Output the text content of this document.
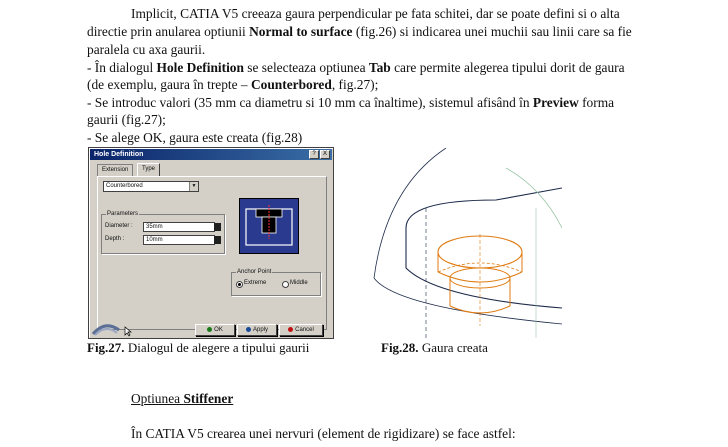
Implicit, CATIA V5 creeaza gaura perpendicular pe fata schitei, dar se poate defini si o alta
directie prin anularea optiunii Normal to surface (fig.26) si indicarea unei muchii sau linii care sa fie
paralela cu axa gaurii.
- În dialogul Hole Definition se selecteaza optiunea Tab care permite alegerea tipului dorit de gaura
(de exemplu, gaura în trepte – Counterbored, fig.27);
- Se introduc valori (35 mm ca diametru si 10 mm ca înaltime), sistemul afisând în Preview forma
gaurii (fig.27);
- Se alege OK, gaura este creata (fig.28)
Hole Definition	?	X
Extension	Type
Counterbored	▼
Parameters
Diameter :	35mm
Depth :	10mm
Anchor Point
Extreme	Middle
OK	Apply	Cancel
Fig.27. Dialogul de alegere a tipului gaurii	Fig.28. Gaura creata
Optiunea Stiffener
În CATIA V5 crearea unei nervuri (element de rigidizare) se face astfel:
